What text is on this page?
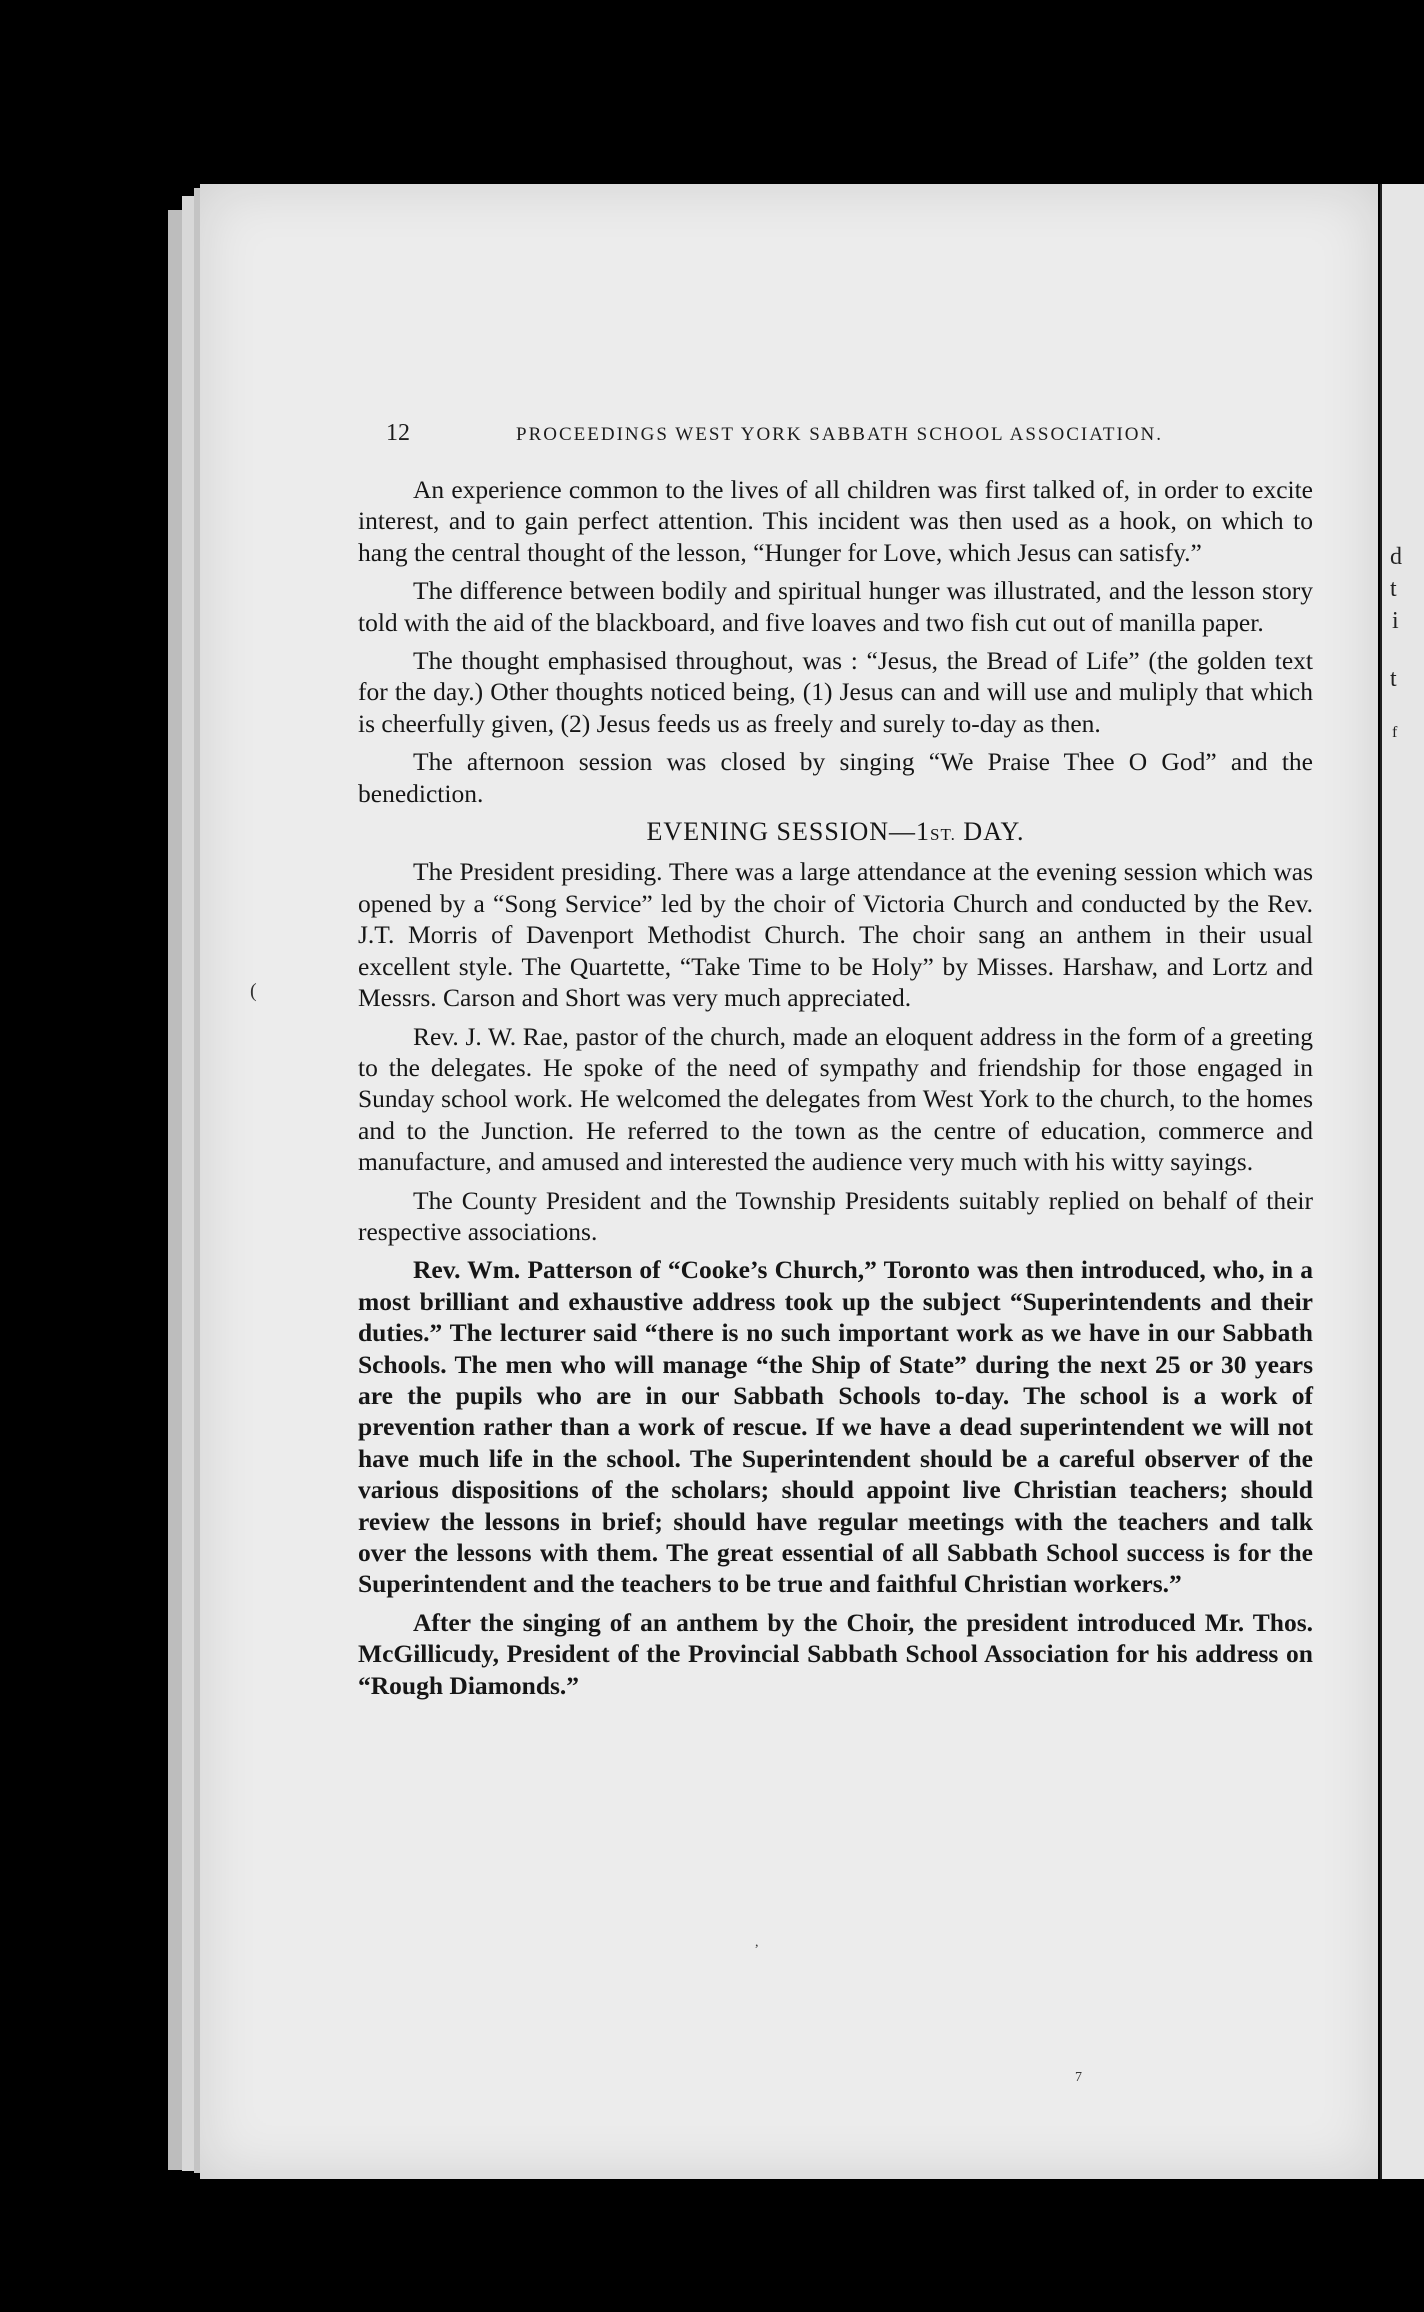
d
t
i
t
f
12	PROCEEDINGS WEST YORK SABBATH SCHOOL ASSOCIATION.

An experience common to the lives of all children was first talked of, in order to excite interest, and to gain perfect attention. This incident was then used as a hook, on which to hang the central thought of the lesson, “Hunger for Love, which Jesus can satisfy.”

The difference between bodily and spiritual hunger was illustrated, and the lesson story told with the aid of the blackboard, and five loaves and two fish cut out of manilla paper.

The thought emphasised throughout, was : “Jesus, the Bread of Life” (the golden text for the day.) Other thoughts noticed being, (1) Jesus can and will use and muliply that which is cheerfully given, (2) Jesus feeds us as freely and surely to-day as then.

The afternoon session was closed by singing “We Praise Thee O God” and the benediction.

EVENING SESSION—1ST. DAY.

The President presiding. There was a large attendance at the evening session which was opened by a “Song Service” led by the choir of Victoria Church and conducted by the Rev. J.T. Morris of Davenport Methodist Church. The choir sang an anthem in their usual excellent style. The Quartette, “Take Time to be Holy” by Misses. Harshaw, and Lortz and Messrs. Carson and Short was very much appreciated.

Rev. J. W. Rae, pastor of the church, made an eloquent address in the form of a greeting to the delegates. He spoke of the need of sympathy and friendship for those engaged in Sunday school work. He welcomed the delegates from West York to the church, to the homes and to the Junction. He referred to the town as the centre of education, commerce and manufacture, and amused and interested the audience very much with his witty sayings.

The County President and the Township Presidents suitably replied on behalf of their respective associations.

Rev. Wm. Patterson of “Cooke’s Church,” Toronto was then introduced, who, in a most brilliant and exhaustive address took up the subject “Superintendents and their duties.” The lecturer said “there is no such important work as we have in our Sabbath Schools. The men who will manage “the Ship of State” during the next 25 or 30 years are the pupils who are in our Sabbath Schools to-day. The school is a work of prevention rather than a work of rescue. If we have a dead superintendent we will not have much life in the school. The Superintendent should be a careful observer of the various dispositions of the scholars; should appoint live Christian teachers; should review the lessons in brief; should have regular meetings with the teachers and talk over the lessons with them. The great essential of all Sabbath School success is for the Superintendent and the teachers to be true and faithful Christian workers.”

After the singing of an anthem by the Choir, the president introduced Mr. Thos. McGillicudy, President of the Provincial Sabbath School Association for his address on “Rough Diamonds.”

(
,
7
